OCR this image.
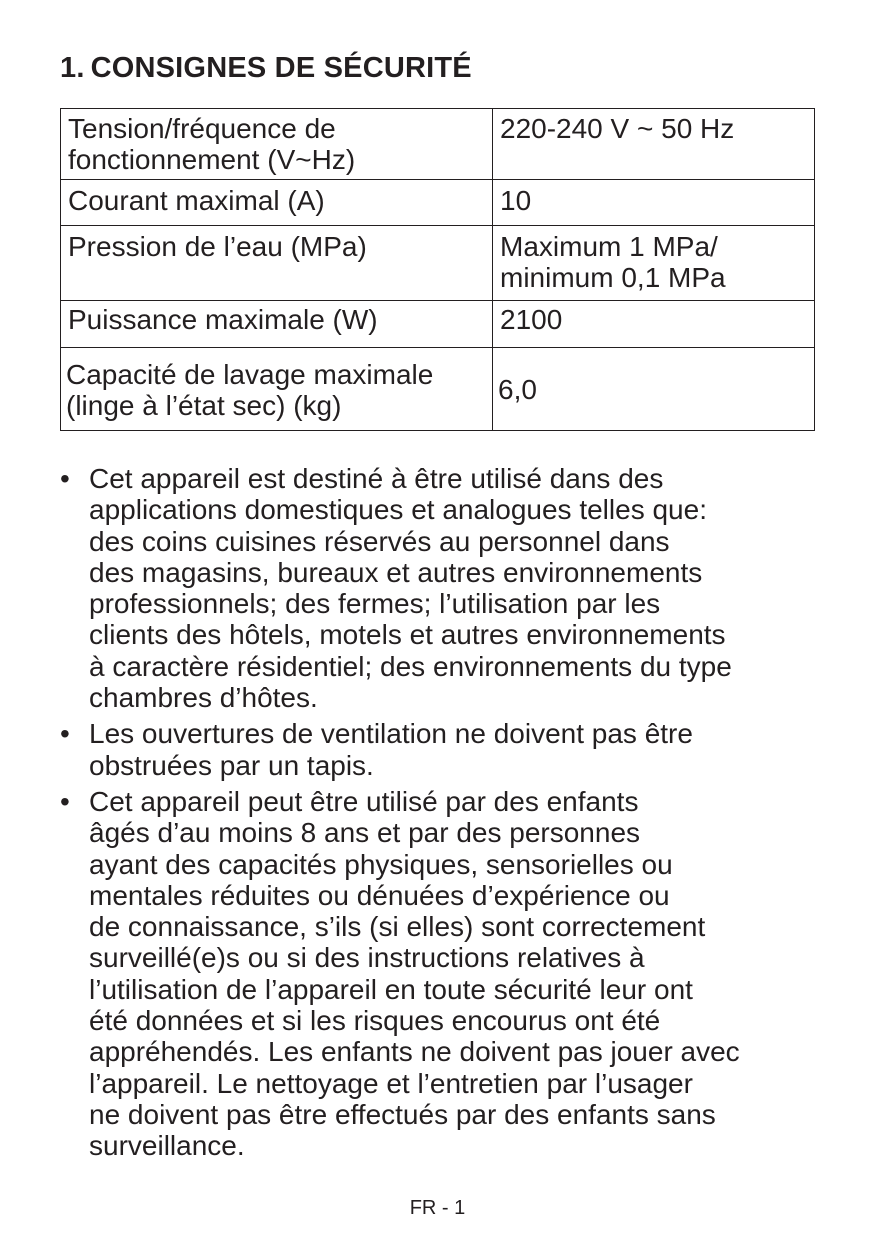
1. CONSIGNES DE SÉCURITÉ
Tension/fréquence de
fonctionnement (V~Hz)	220-240 V ~ 50 Hz
Courant maximal (A)	10
Pression de l’eau (MPa)	Maximum 1 MPa/
minimum 0,1 MPa
Puissance maximale (W)	2100
Capacité de lavage maximale
(linge à l’état sec) (kg)	6,0
• Cet appareil est destiné à être utilisé dans des
applications domestiques et analogues telles que:
des coins cuisines réservés au personnel dans
des magasins, bureaux et autres environnements
professionnels; des fermes; l’utilisation par les
clients des hôtels, motels et autres environnements
à caractère résidentiel; des environnements du type
chambres d’hôtes.
• Les ouvertures de ventilation ne doivent pas être
obstruées par un tapis.
• Cet appareil peut être utilisé par des enfants
âgés d’au moins 8 ans et par des personnes
ayant des capacités physiques, sensorielles ou
mentales réduites ou dénuées d’expérience ou
de connaissance, s’ils (si elles) sont correctement
surveillé(e)s ou si des instructions relatives à
l’utilisation de l’appareil en toute sécurité leur ont
été données et si les risques encourus ont été
appréhendés. Les enfants ne doivent pas jouer avec
l’appareil. Le nettoyage et l’entretien par l’usager
ne doivent pas être effectués par des enfants sans
surveillance.
FR - 1
